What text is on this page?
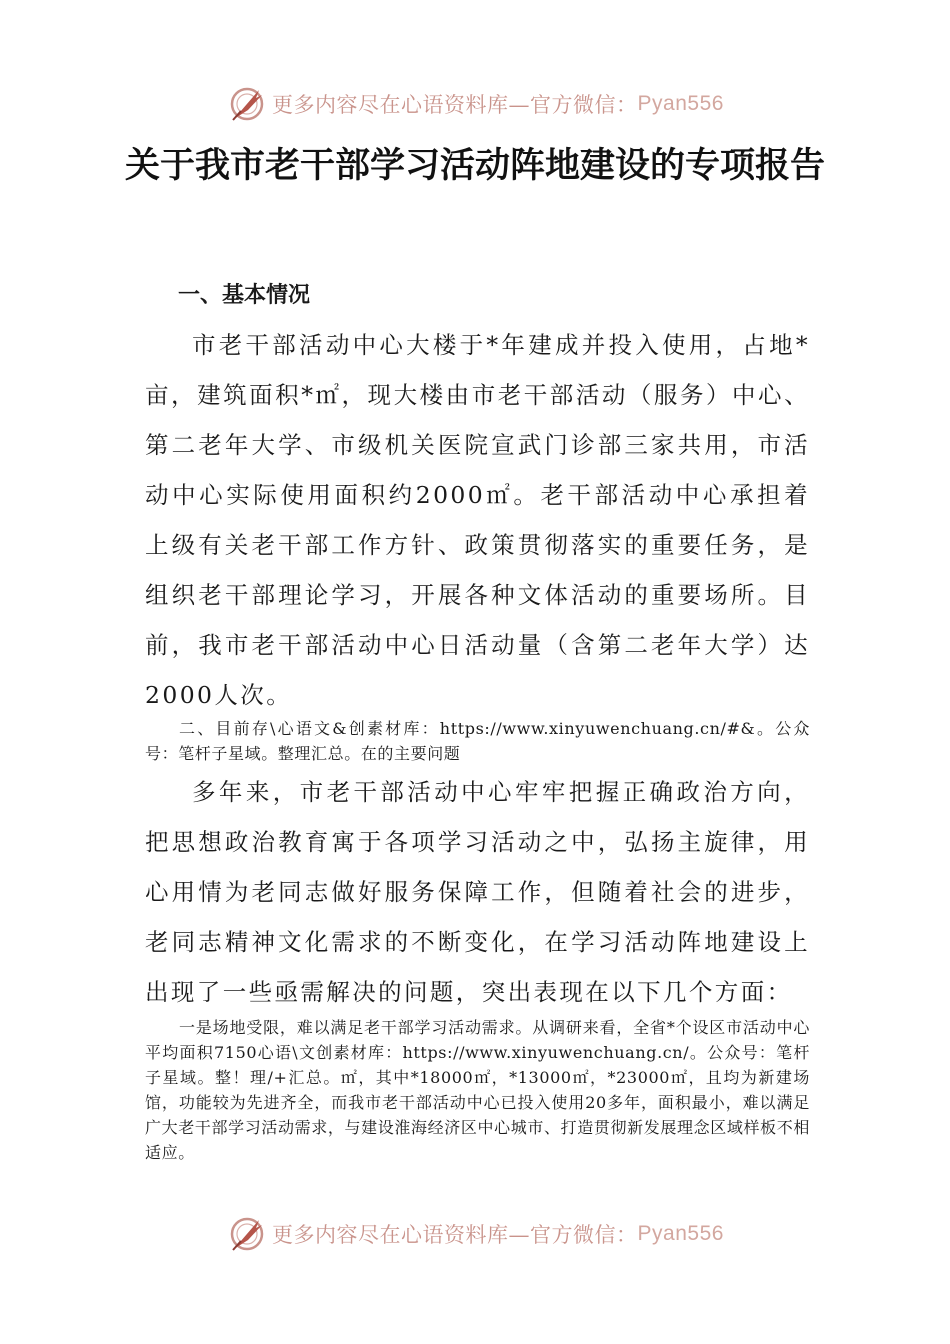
更多内容尽在心语资料库—官方微信： Pyan556
关于我市老干部学习活动阵地建设的专项报告
一、基本情况

市老干部活动中心大楼于*年建成并投入使用，占地*亩，建筑面积*㎡，现大楼由市老干部活动（服务）中心、第二老年大学、市级机关医院宣武门诊部三家共用，市活动中心实际使用面积约2000㎡。老干部活动中心承担着上级有关老干部工作方针、政策贯彻落实的重要任务，是组织老干部理论学习，开展各种文体活动的重要场所。目前，我市老干部活动中心日活动量（含第二老年大学）达2000人次。

二、目前存\心语文&创素材库：https://www.xinyuwenchuang.cn/#&。公众号：笔杆子星域。整理汇总。在的主要问题

多年来，市老干部活动中心牢牢把握正确政治方向，把思想政治教育寓于各项学习活动之中，弘扬主旋律，用心用情为老同志做好服务保障工作，但随着社会的进步，老同志精神文化需求的不断变化，在学习活动阵地建设上出现了一些亟需解决的问题，突出表现在以下几个方面：

一是场地受限，难以满足老干部学习活动需求。从调研来看，全省*个设区市活动中心平均面积7150心语\文创素材库：https://www.xinyuwenchuang.cn/。公众号：笔杆子星域。整！理/+汇总。㎡，其中*18000㎡，*13000㎡，*23000㎡，且均为新建场馆，功能较为先进齐全，而我市老干部活动中心已投入使用20多年，面积最小，难以满足广大老干部学习活动需求，与建设淮海经济区中心城市、打造贯彻新发展理念区域样板不相适应。

更多内容尽在心语资料库—官方微信： Pyan556
